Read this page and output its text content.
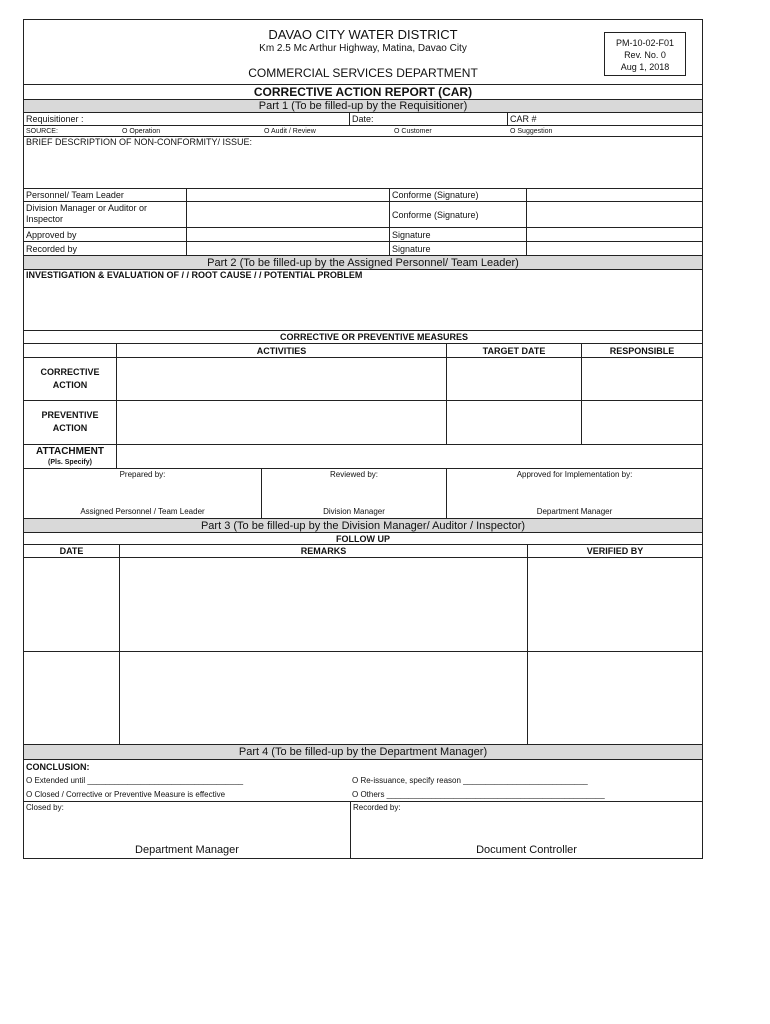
DAVAO CITY WATER DISTRICT
Km 2.5 Mc Arthur Highway, Matina, Davao City
COMMERCIAL SERVICES DEPARTMENT
PM-10-02-F01
Rev. No. 0
Aug 1, 2018
CORRECTIVE ACTION REPORT (CAR)
Part 1 (To be filled-up by the Requisitioner)
Requisitioner :	Date:	CAR #
SOURCE:	O Operation	O Audit / Review	O Customer	O Suggestion
BRIEF DESCRIPTION OF NON-CONFORMITY/ ISSUE:
Personnel/ Team Leader	Conforme (Signature)
Division Manager or Auditor or Inspector	Conforme (Signature)
Approved by	Signature
Recorded by	Signature
Part 2 (To be filled-up by the Assigned Personnel/ Team Leader)
INVESTIGATION & EVALUATION OF / / ROOT CAUSE / / POTENTIAL PROBLEM
CORRECTIVE OR PREVENTIVE MEASURES
ACTIVITIES	TARGET DATE	RESPONSIBLE
CORRECTIVE
ACTION
PREVENTIVE
ACTION
ATTACHMENT
(Pls. Specify)
Prepared by:
Assigned Personnel / Team Leader
Reviewed by:
Division Manager
Approved for Implementation by:
Department Manager
Part 3 (To be filled-up by the Division Manager/ Auditor / Inspector)
FOLLOW UP
DATE	REMARKS	VERIFIED BY
Part 4 (To be filled-up by the Department Manager)
CONCLUSION:
O Extended until ___________________________________	O Re-issuance, specify reason ____________________________
O Closed / Corrective or Preventive Measure is effective	O Others _________________________________________________
Closed by:
Department Manager
Recorded by:
Document Controller
